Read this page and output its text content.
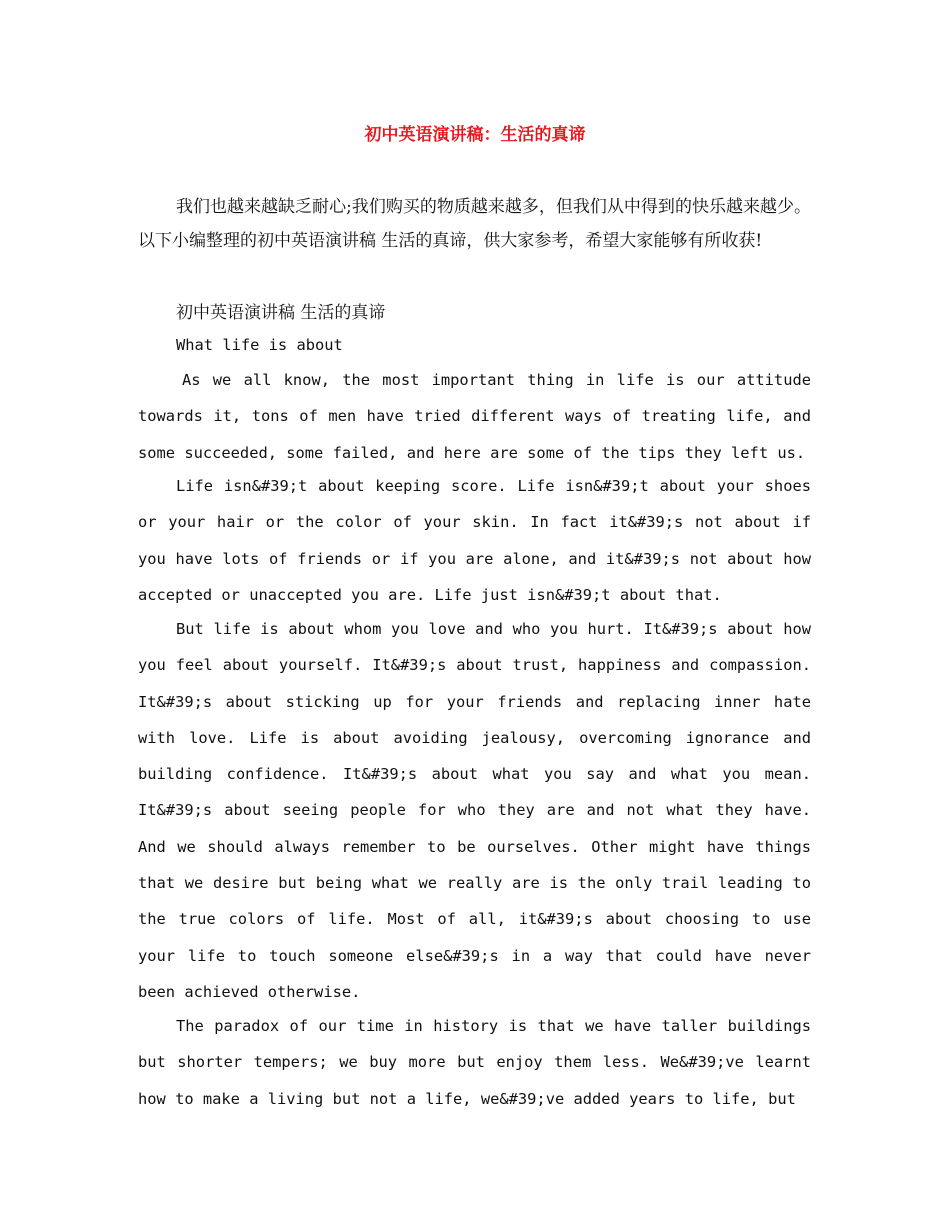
初中英语演讲稿：生活的真谛

我们也越来越缺乏耐心;我们购买的物质越来越多，但我们从中得到的快乐越来越少。以下小编整理的初中英语演讲稿 生活的真谛，供大家参考，希望大家能够有所收获!

初中英语演讲稿 生活的真谛

What life is about

As we all know, the most important thing in life is our attitude towards it, tons of men have tried different ways of treating life, and some succeeded, some failed, and here are some of the tips they left us.

Life isn&#39;t about keeping score. Life isn&#39;t about your shoes or your hair or the color of your skin. In fact it&#39;s not about if you have lots of friends or if you are alone, and it&#39;s not about how accepted or unaccepted you are. Life just isn&#39;t about that.

But life is about whom you love and who you hurt. It&#39;s about how you feel about yourself. It&#39;s about trust, happiness and compassion. It&#39;s about sticking up for your friends and replacing inner hate with love. Life is about avoiding jealousy, overcoming ignorance and building confidence. It&#39;s about what you say and what you mean. It&#39;s about seeing people for who they are and not what they have. And we should always remember to be ourselves. Other might have things that we desire but being what we really are is the only trail leading to the true colors of life. Most of all, it&#39;s about choosing to use your life to touch someone else&#39;s in a way that could have never been achieved otherwise.

The paradox of our time in history is that we have taller buildings but shorter tempers; we buy more but enjoy them less. We&#39;ve learnt how to make a living but not a life, we&#39;ve added years to life, but
